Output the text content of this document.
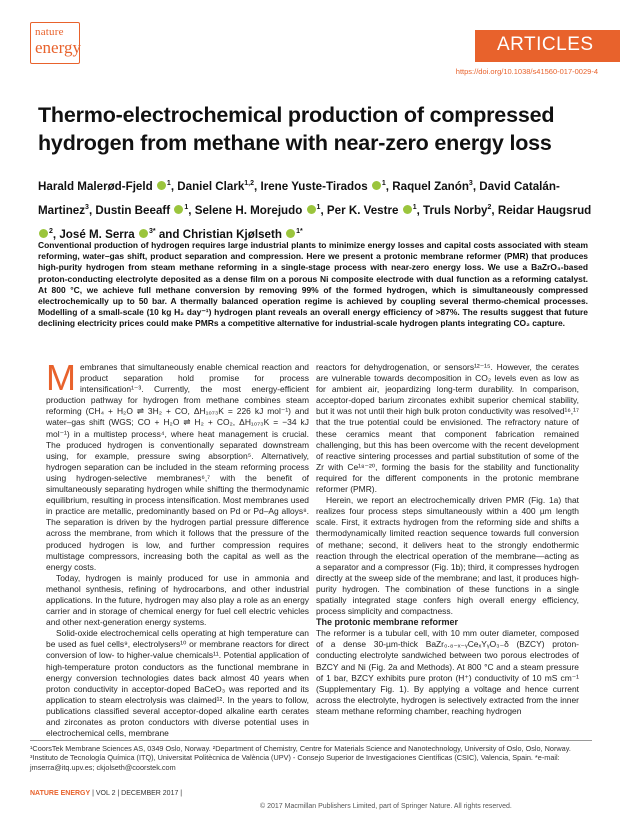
nature
energy	ARTICLES
https://doi.org/10.1038/s41560-017-0029-4
Thermo-electrochemical production of compressed hydrogen from methane with near-zero energy loss
Harald Malerød-Fjeld $^1$, Daniel Clark$^{1,2}$, Irene Yuste-Tirados $^1$, Raquel Zanón$^3$, David Catalán-Martinez$^3$, Dustin Beeaff $^1$, Selene H. Morejudo $^1$, Per K. Vestre $^1$, Truls Norby$^2$, Reidar Haugsrud $^2$, José M. Serra $^{3*}$ and Christian Kjølseth $^{1*}$

Conventional production of hydrogen requires large industrial plants to minimize energy losses and capital costs associated with steam reforming, water–gas shift, product separation and compression. Here we present a protonic membrane reformer (PMR) that produces high-purity hydrogen from steam methane reforming in a single-stage process with near-zero energy loss. We use a BaZrO₃-based proton-conducting electrolyte deposited as a dense film on a porous Ni composite electrode with dual function as a reforming catalyst. At 800 °C, we achieve full methane conversion by removing 99% of the formed hydrogen, which is simultaneously compressed electrochemically up to 50 bar. A thermally balanced operation regime is achieved by coupling several thermo-chemical processes. Modelling of a small-scale (10 kg H₂ day⁻¹) hydrogen plant reveals an overall energy efficiency of >87%. The results suggest that future declining electricity prices could make PMRs a competitive alternative for industrial-scale hydrogen plants integrating CO₂ capture.

Membranes that simultaneously enable chemical reaction and product separation hold promise for process intensification¹⁻³. Currently, the most energy-efficient production pathway for hydrogen from methane combines steam reforming (CH₄ + H₂O ⇌ 3H₂ + CO, ΔH₁₀₇₃K = 226 kJ mol⁻¹) and water–gas shift (WGS; CO + H₂O ⇌ H₂ + CO₂, ΔH₁₀₇₃K = −34 kJ mol⁻¹) in a multistep process⁴, where heat management is crucial. The produced hydrogen is conventionally separated downstream using, for example, pressure swing absorption⁵. Alternatively, hydrogen separation can be included in the steam reforming process using hydrogen-selective membranes⁶,⁷ with the benefit of simultaneously separating hydrogen while shifting the thermodynamic equilibrium, resulting in process intensification. Most membranes used in practice are metallic, predominantly based on Pd or Pd–Ag alloys⁸. The separation is driven by the hydrogen partial pressure difference across the membrane, from which it follows that the pressure of the produced hydrogen is low, and further compression requires multistage compressors, increasing both the capital as well as the energy costs.

Today, hydrogen is mainly produced for use in ammonia and methanol synthesis, refining of hydrocarbons, and other industrial applications. In the future, hydrogen may also play a role as an energy carrier and in storage of chemical energy for fuel cell electric vehicles and other next-generation energy systems.

Solid-oxide electrochemical cells operating at high temperature can be used as fuel cells⁹, electrolysers¹⁰ or membrane reactors for direct conversion of low- to higher-value chemicals¹¹. Potential application of high-temperature proton conductors as the functional membrane in energy conversion technologies dates back almost 40 years when proton conductivity in acceptor-doped BaCeO₃ was reported and its application to steam electrolysis was claimed¹². In the years to follow, publications classified several acceptor-doped alkaline earth cerates and zirconates as proton conductors with diverse potential uses in electrochemical cells, membrane

reactors for dehydrogenation, or sensors¹²⁻¹⁵. However, the cerates are vulnerable towards decomposition in CO₂ levels even as low as for ambient air, jeopardizing long-term durability. In comparison, acceptor-doped barium zirconates exhibit superior chemical stability, but it was not until their high bulk proton conductivity was resolved¹⁶,¹⁷ that the true potential could be envisioned. The refractory nature of these ceramics meant that component fabrication remained challenging, but this has been overcome with the recent development of reactive sintering processes and partial substitution of some of the Zr with Ce¹⁸⁻²⁰, forming the basis for the stability and functionality required for the different components in the protonic membrane reformer (PMR).

Herein, we report an electrochemically driven PMR (Fig. 1a) that realizes four process steps simultaneously within a 400 µm length scale. First, it extracts hydrogen from the reforming side and shifts a thermodynamically limited reaction sequence towards full conversion of methane; second, it delivers heat to the strongly endothermic reaction through the electrical operation of the membrane—acting as a separator and a compressor (Fig. 1b); third, it compresses hydrogen directly at the sweep side of the membrane; and last, it produces high-purity hydrogen. The combination of these functions in a single spatially integrated stage confers high overall energy efficiency, process simplicity and compactness.

The protonic membrane reformer

The reformer is a tubular cell, with 10 mm outer diameter, composed of a dense 30-µm-thick BaZr₀.₈₋ₓ₋ᵧCeₓYᵧO₃₋δ (BZCY) proton-conducting electrolyte sandwiched between two porous electrodes of BZCY and Ni (Fig. 2a and Methods). At 800 °C and a steam pressure of 1 bar, BZCY exhibits pure proton (H⁺) conductivity of 10 mS cm⁻¹ (Supplementary Fig. 1). By applying a voltage and hence current across the electrolyte, hydrogen is selectively extracted from the inner steam methane reforming chamber, reaching hydrogen

¹CoorsTek Membrane Sciences AS, 0349 Oslo, Norway. ²Department of Chemistry, Centre for Materials Science and Nanotechnology, University of Oslo, Oslo, Norway. ³Instituto de Tecnología Química (ITQ), Universitat Politècnica de València (UPV) - Consejo Superior de Investigaciones Científicas (CSIC), Valencia, Spain. *e-mail: jmserra@itq.upv.es; ckjolseth@coorstek.com

NATURE ENERGY | VOL 2 | DECEMBER 2017 |
© 2017 Macmillan Publishers Limited, part of Springer Nature. All rights reserved.
